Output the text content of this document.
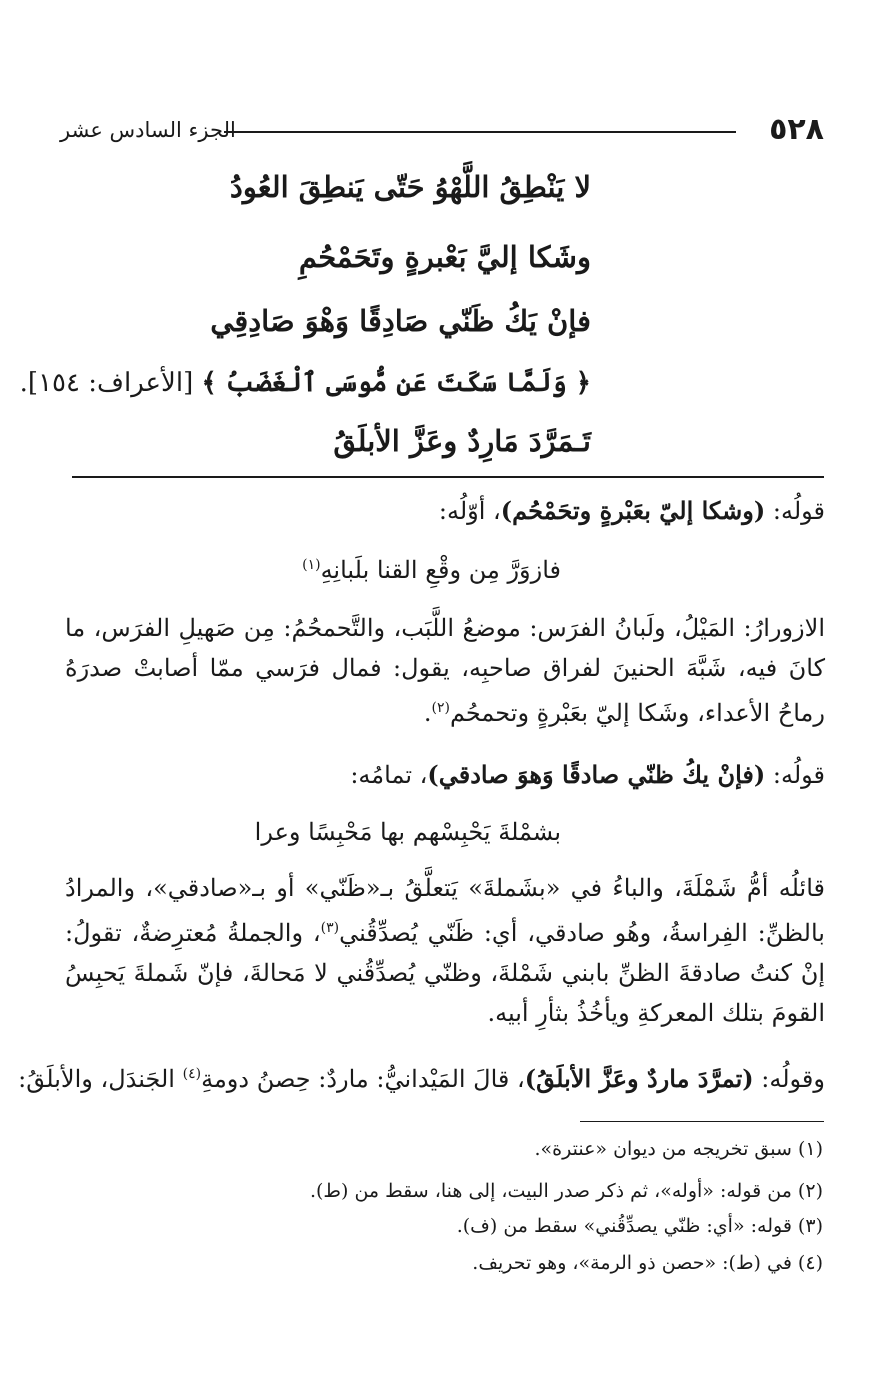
٥٢٨
الجزء السادس عشر
لا يَنْطِقُ اللَّهْوُ حَتّى يَنطِقَ العُودُ
وشَكا إليَّ بَعْبرةٍ وتَحَمْحُمِ
فإنْ يَكُ ظَنّي صَادِقًا وَهْوَ صَادِقِي
﴿ وَلَمَّا سَكَتَ عَن مُّوسَى ٱلْغَضَبُ ﴾ [الأعراف: ١٥٤].
تَـمَرَّدَ مَارِدٌ وعَزَّ الأبلَقُ
قولُه: (وشكا إليّ بعَبْرةٍ وتحَمْحُم)، أوّلُه:
فازوَرَّ مِن وقْعِ القنا بلَبانِهِ$^{(١)}$
الازورارُ: المَيْلُ، ولَبانُ الفرَس: موضعُ اللَّبَب، والتَّحمحُمُ: مِن صَهيلِ الفرَس، ما كانَ فيه، شَبَّهَ الحنينَ لفراق صاحبِه، يقول: فمال فرَسي ممّا أصابتْ صدرَهُ رماحُ الأعداء، وشَكا إليّ بعَبْرةٍ وتحمحُم$^{(٢)}$.
قولُه: (فإنْ يكُ ظنّي صادقًا وَهوَ صادقي)، تمامُه:
بشمْلةَ يَحْبِسْهم بها مَحْبِسًا وعرا
قائلُه أمُّ شَمْلَةَ، والباءُ في «بشَملةَ» يَتعلَّقُ بـ«ظَنّي» أو بـ«صادقي»، والمرادُ بالظنِّ: الفِراسةُ، وهُو صادقي، أي: ظَنّي يُصدِّقُني$^{(٣)}$، والجملةُ مُعترِضةٌ، تقولُ: إنْ كنتُ صادقةَ الظنِّ بابني شَمْلةَ، وظنّي يُصدِّقُني لا مَحالةَ، فإنّ شَملةَ يَحبِسُ القومَ بتلك المعركةِ ويأخُذُ بثأرِ أبيه.
وقولُه: (تمرَّدَ ماردٌ وعَزَّ الأبلَقُ)، قالَ المَيْدانيُّ: ماردٌ: حِصنُ دومةِ$^{(٤)}$ الجَندَل، والأبلَقُ:
(١) سبق تخريجه من ديوان «عنترة».
(٢) من قوله: «أوله»، ثم ذكر صدر البيت، إلى هنا، سقط من (ط).
(٣) قوله: «أي: ظنّي يصدِّقُني» سقط من (ف).
(٤) في (ط): «حصن ذو الرمة»، وهو تحريف.
